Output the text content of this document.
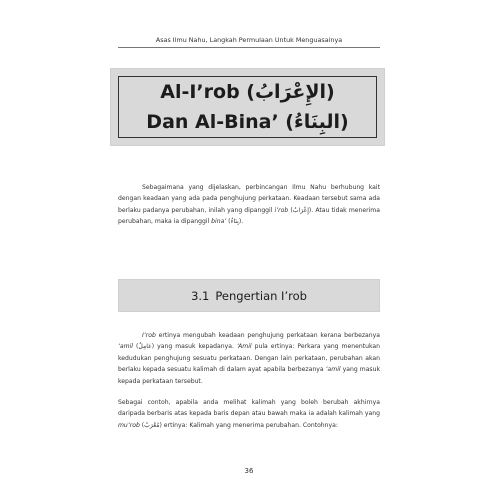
Asas Ilmu Nahu, Langkah Permulaan Untuk Menguasainya
Al-I’rob (الإِعْرَابُ)
Dan Al-Bina’ (البِنَاءُ)
Sebagaimana yang dijelaskan, perbincangan Ilmu Nahu berhubung kait dengan keadaan yang ada pada penghujung perkataan. Keadaan tersebut sama ada berlaku padanya perubahan, inilah yang dipanggil i’rob (إِعْرَابٌ). Atau tidak menerima perubahan, maka ia dipanggil bina’ (بِنَاءٌ).
3.1 Pengertian I’rob

I’rob ertinya mengubah keadaan penghujung perkataan kerana berbezanya ‘amil (عَامِلٌ) yang masuk kepadanya. ‘Amil pula ertinya: Perkara yang menentukan kedudukan penghujung sesuatu perkataan. Dengan lain perkataan, perubahan akan berlaku kepada sesuatu kalimah di dalam ayat apabila berbezanya ‘amil yang masuk kepada perkataan tersebut.

Sebagai contoh, apabila anda melihat kalimah yang boleh berubah akhirnya daripada berbaris atas kepada baris depan atau bawah maka ia adalah kalimah yang mu’rob (مُعْرَبٌ) ertinya: Kalimah yang menerima perubahan. Contohnya:

36
